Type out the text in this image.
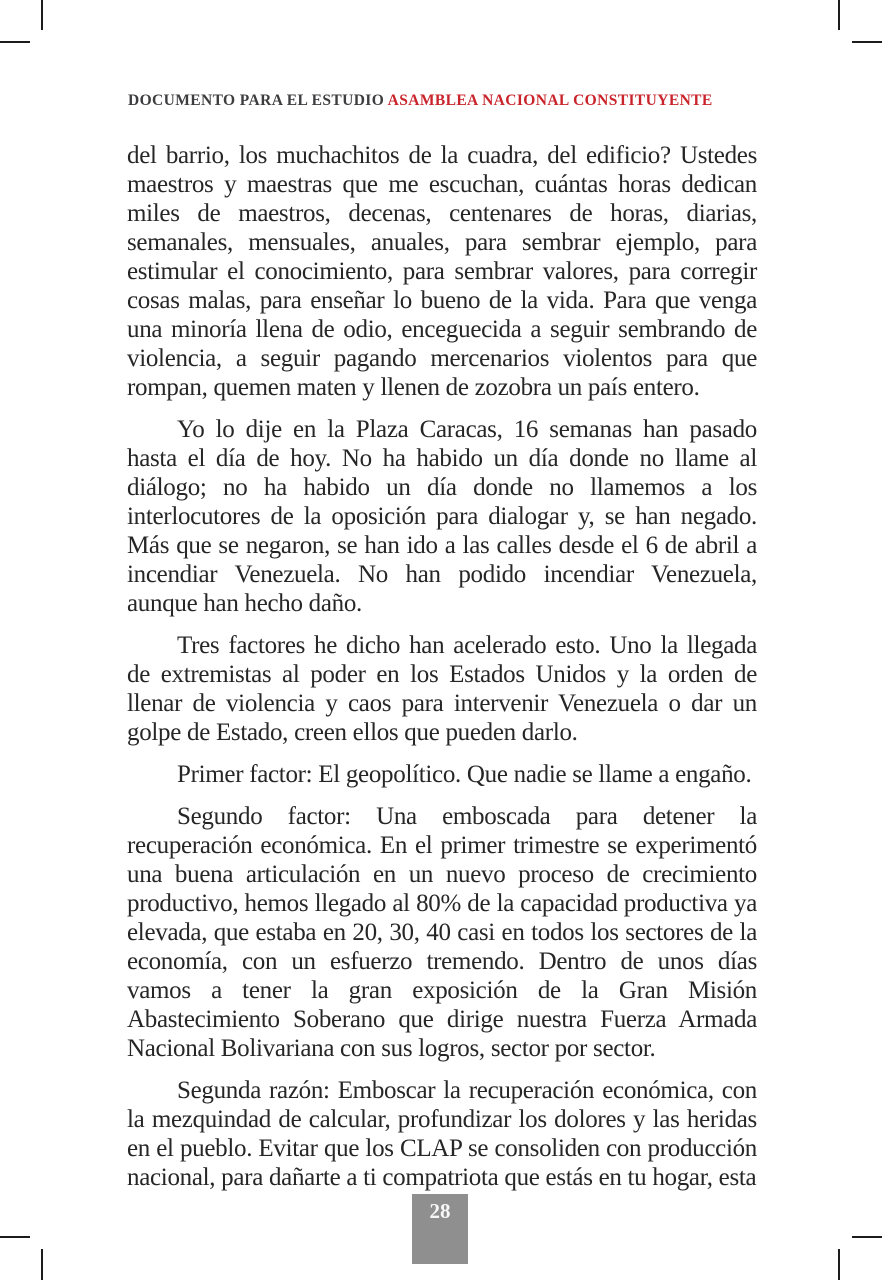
DOCUMENTO PARA EL ESTUDIO ASAMBLEA NACIONAL CONSTITUYENTE

del barrio, los muchachitos de la cuadra, del edificio? Ustedes maestros y maestras que me escuchan, cuántas horas dedican miles de maestros, decenas, centenares de horas, diarias, semanales, mensuales, anuales, para sembrar ejemplo, para estimular el conocimiento, para sembrar valores, para corregir cosas malas, para enseñar lo bueno de la vida. Para que venga una minoría llena de odio, enceguecida a seguir sembrando de violencia, a seguir pagando mercenarios violentos para que rompan, quemen maten y llenen de zozobra un país entero.

Yo lo dije en la Plaza Caracas, 16 semanas han pasado hasta el día de hoy. No ha habido un día donde no llame al diálogo; no ha habido un día donde no llamemos a los interlocutores de la oposición para dialogar y, se han negado. Más que se negaron, se han ido a las calles desde el 6 de abril a incendiar Venezuela. No han podido incendiar Venezuela, aunque han hecho daño.

Tres factores he dicho han acelerado esto. Uno la llegada de extremistas al poder en los Estados Unidos y la orden de llenar de violencia y caos para intervenir Venezuela o dar un golpe de Estado, creen ellos que pueden darlo.

Primer factor: El geopolítico. Que nadie se llame a engaño.

Segundo factor: Una emboscada para detener la recuperación económica. En el primer trimestre se experimentó una buena articulación en un nuevo proceso de crecimiento productivo, hemos llegado al 80% de la capacidad productiva ya elevada, que estaba en 20, 30, 40 casi en todos los sectores de la economía, con un esfuerzo tremendo. Dentro de unos días vamos a tener la gran exposición de la Gran Misión Abastecimiento Soberano que dirige nuestra Fuerza Armada Nacional Bolivariana con sus logros, sector por sector.

Segunda razón: Emboscar la recuperación económica, con la mezquindad de calcular, profundizar los dolores y las heridas en el pueblo. Evitar que los CLAP se consoliden con producción nacional, para dañarte a ti compatriota que estás en tu hogar, esta

28
